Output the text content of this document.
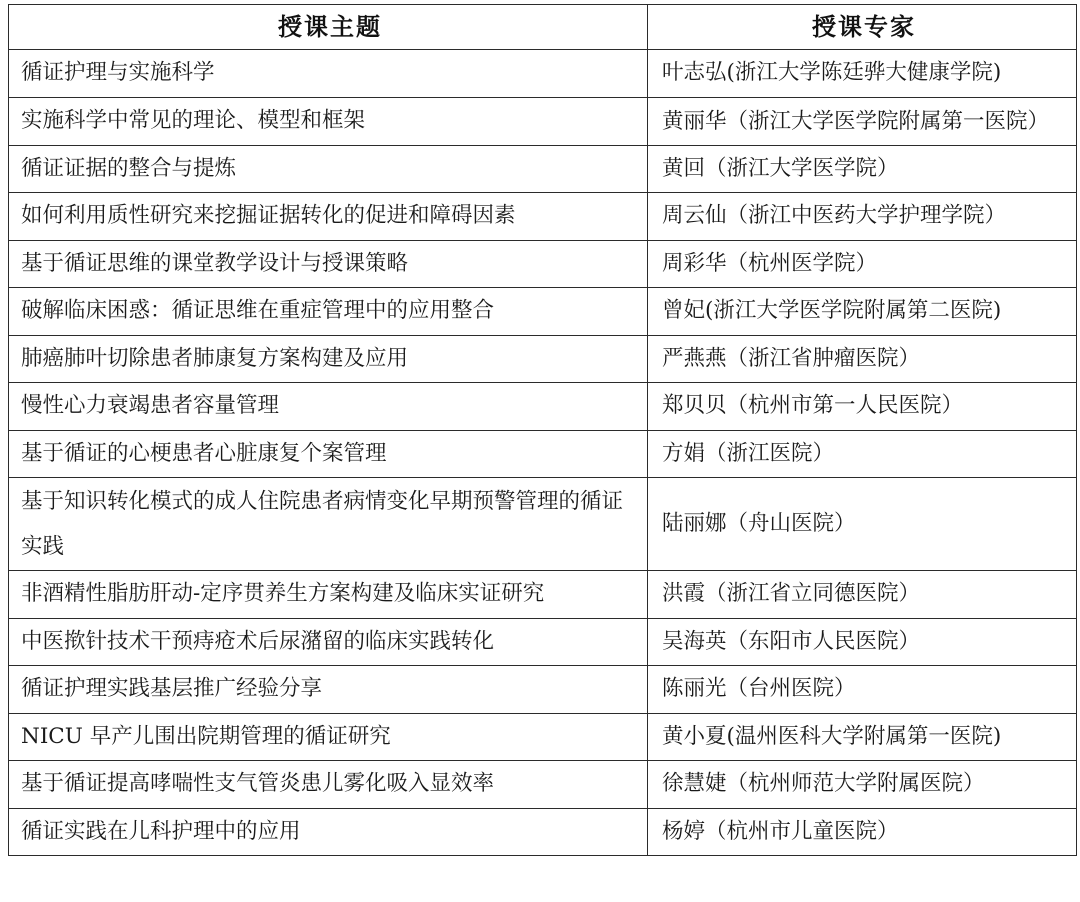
授课主题	授课专家
循证护理与实施科学	叶志弘(浙江大学陈廷骅大健康学院)
实施科学中常见的理论、模型和框架	黄丽华（浙江大学医学院附属第一医院）
循证证据的整合与提炼	黄回（浙江大学医学院）
如何利用质性研究来挖掘证据转化的促进和障碍因素	周云仙（浙江中医药大学护理学院）
基于循证思维的课堂教学设计与授课策略	周彩华（杭州医学院）
破解临床困惑：循证思维在重症管理中的应用整合	曾妃(浙江大学医学院附属第二医院)
肺癌肺叶切除患者肺康复方案构建及应用	严燕燕（浙江省肿瘤医院）
慢性心力衰竭患者容量管理	郑贝贝（杭州市第一人民医院）
基于循证的心梗患者心脏康复个案管理	方娟（浙江医院）
基于知识转化模式的成人住院患者病情变化早期预警管理的循证实践	陆丽娜（舟山医院）
非酒精性脂肪肝动-定序贯养生方案构建及临床实证研究	洪霞（浙江省立同德医院）
中医揿针技术干预痔疮术后尿潴留的临床实践转化	吴海英（东阳市人民医院）
循证护理实践基层推广经验分享	陈丽光（台州医院）
NICU 早产儿围出院期管理的循证研究	黄小夏(温州医科大学附属第一医院)
基于循证提高哮喘性支气管炎患儿雾化吸入显效率	徐慧婕（杭州师范大学附属医院）
循证实践在儿科护理中的应用	杨婷（杭州市儿童医院）
